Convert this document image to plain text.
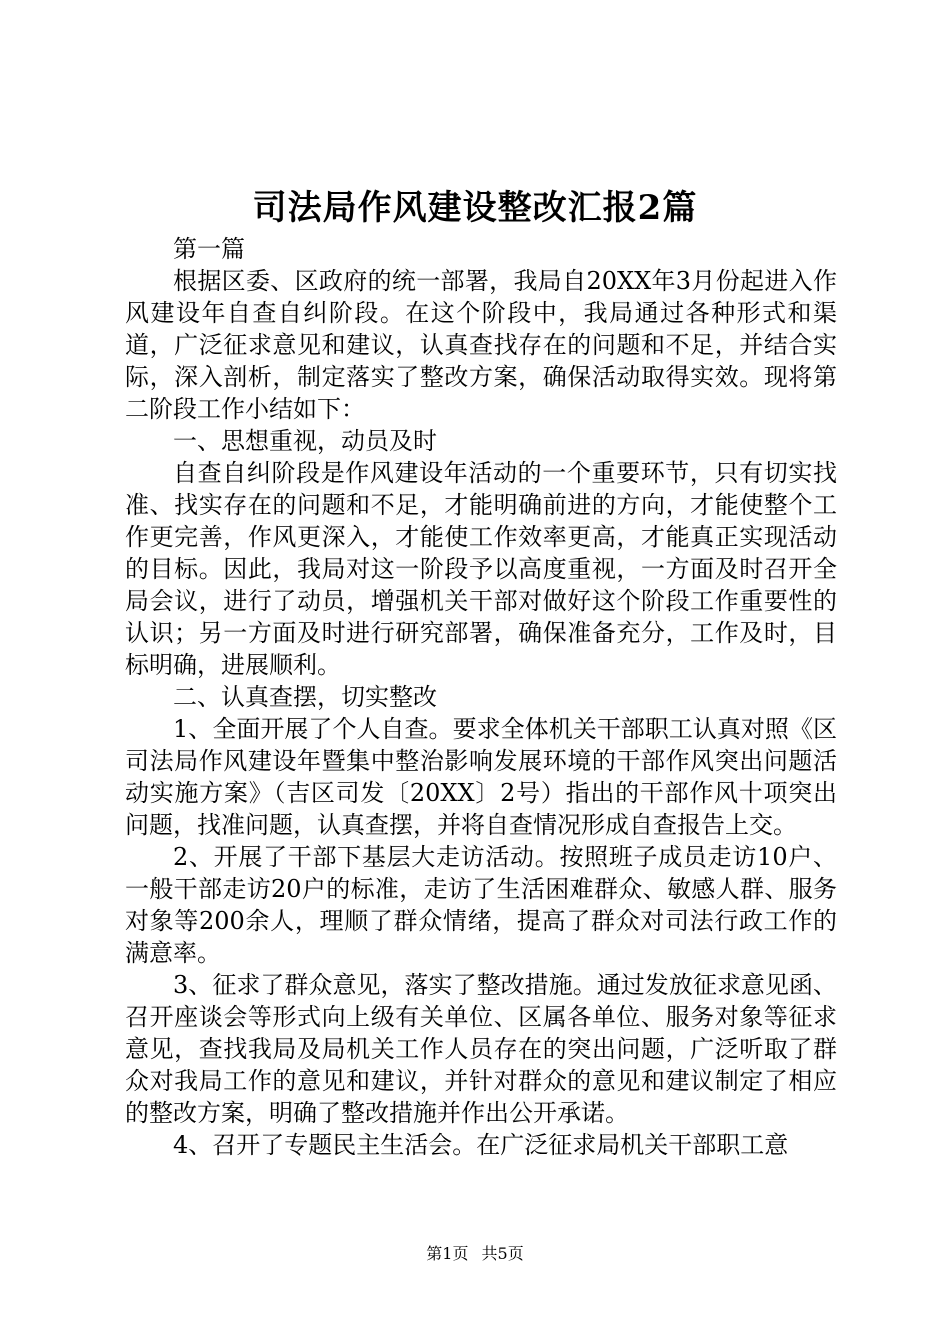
司法局作风建设整改汇报2篇

第一篇

根据区委、区政府的统一部署，我局自20XX年3月份起进入作风建设年自查自纠阶段。在这个阶段中，我局通过各种形式和渠道，广泛征求意见和建议，认真查找存在的问题和不足，并结合实际，深入剖析，制定落实了整改方案，确保活动取得实效。现将第二阶段工作小结如下：

一、思想重视，动员及时

自查自纠阶段是作风建设年活动的一个重要环节，只有切实找准、找实存在的问题和不足，才能明确前进的方向，才能使整个工作更完善，作风更深入，才能使工作效率更高，才能真正实现活动的目标。因此，我局对这一阶段予以高度重视，一方面及时召开全局会议，进行了动员，增强机关干部对做好这个阶段工作重要性的认识；另一方面及时进行研究部署，确保准备充分，工作及时，目标明确，进展顺利。

二、认真查摆，切实整改

1、全面开展了个人自查。要求全体机关干部职工认真对照《区司法局作风建设年暨集中整治影响发展环境的干部作风突出问题活动实施方案》（吉区司发〔20XX〕2号）指出的干部作风十项突出问题，找准问题，认真查摆，并将自查情况形成自查报告上交。

2、开展了干部下基层大走访活动。按照班子成员走访10户、一般干部走访20户的标准，走访了生活困难群众、敏感人群、服务对象等200余人，理顺了群众情绪，提高了群众对司法行政工作的满意率。

3、征求了群众意见，落实了整改措施。通过发放征求意见函、召开座谈会等形式向上级有关单位、区属各单位、服务对象等征求意见，查找我局及局机关工作人员存在的突出问题，广泛听取了群众对我局工作的意见和建议，并针对群众的意见和建议制定了相应的整改方案，明确了整改措施并作出公开承诺。

4、召开了专题民主生活会。在广泛征求局机关干部职工意

第1页 共5页
